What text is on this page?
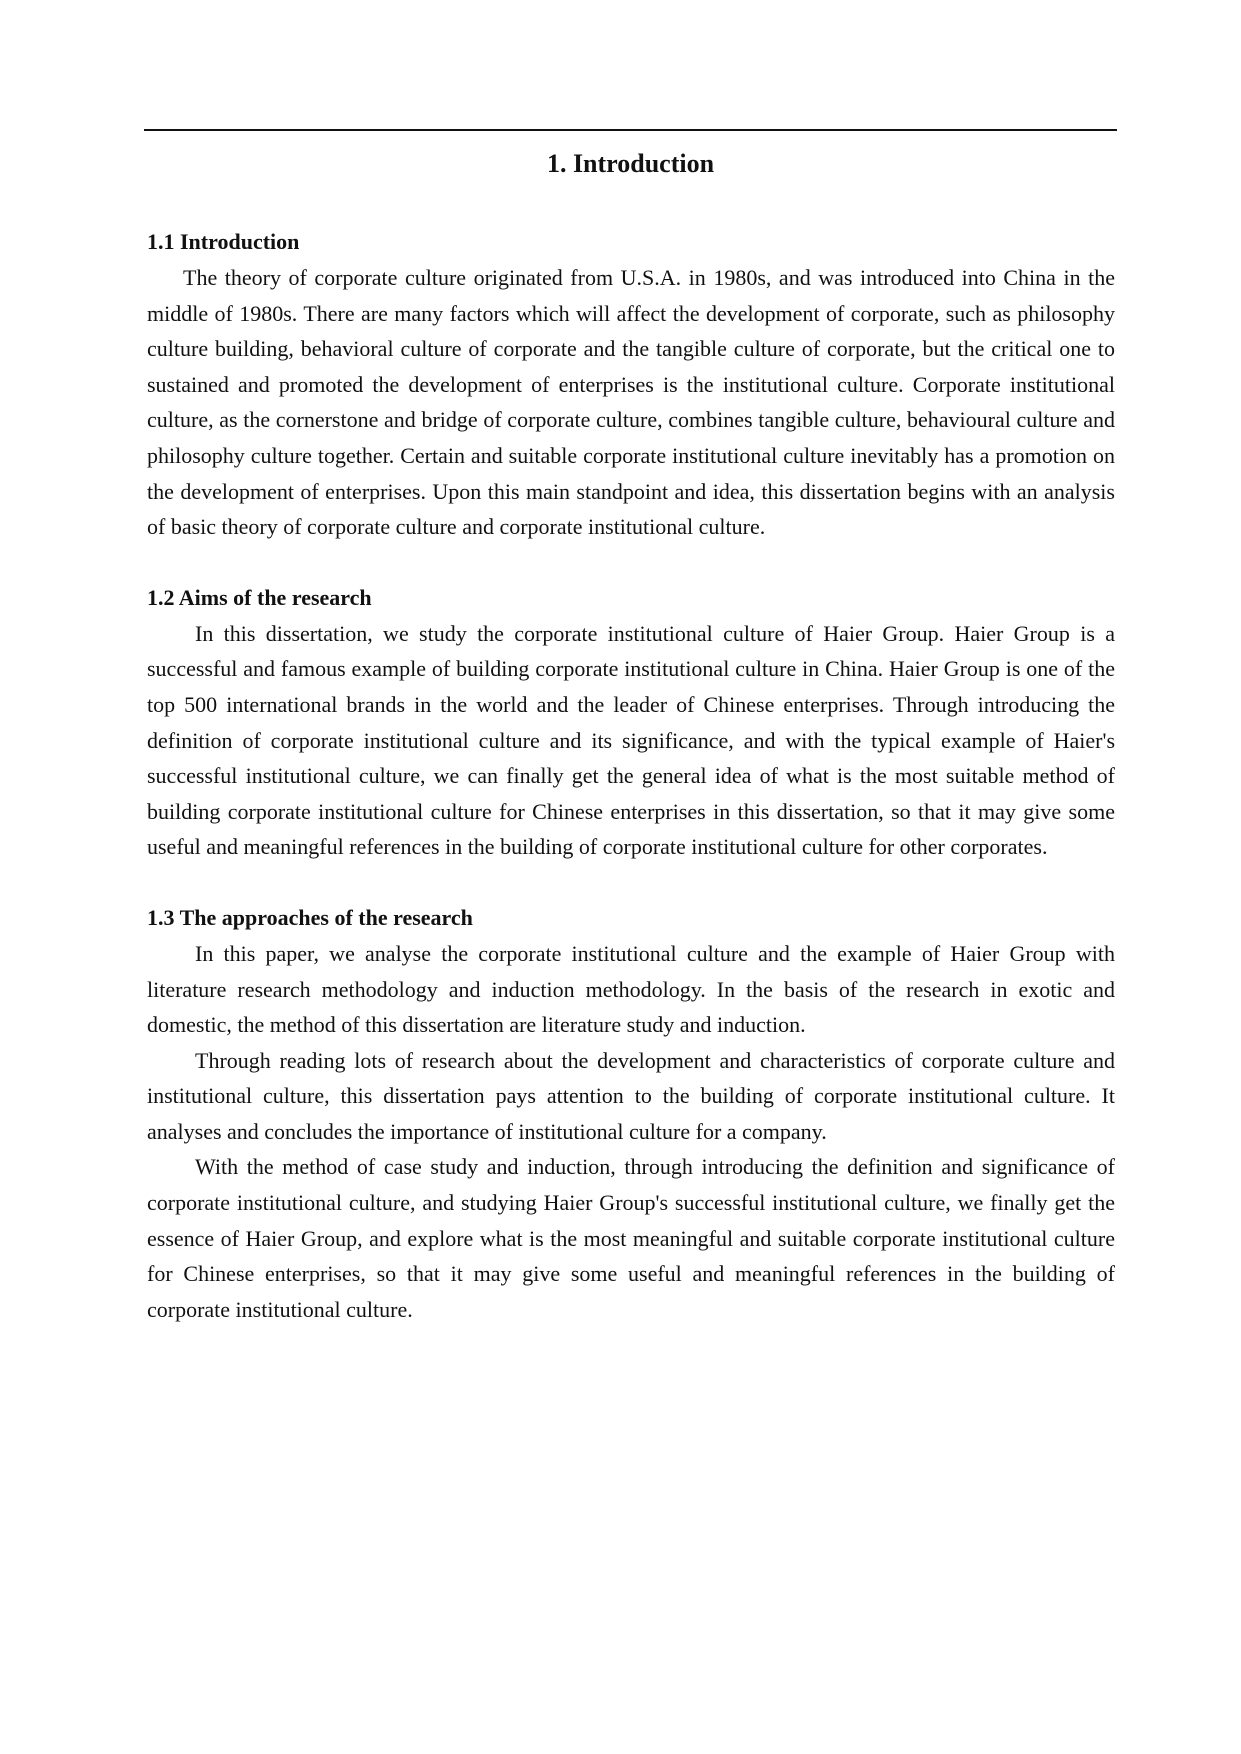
1. Introduction
1.1 Introduction

The theory of corporate culture originated from U.S.A. in 1980s, and was introduced into China in the middle of 1980s. There are many factors which will affect the development of corporate, such as philosophy culture building, behavioral culture of corporate and the tangible culture of corporate, but the critical one to sustained and promoted the development of enterprises is the institutional culture. Corporate institutional culture, as the cornerstone and bridge of corporate culture, combines tangible culture, behavioural culture and philosophy culture together. Certain and suitable corporate institutional culture inevitably has a promotion on the development of enterprises. Upon this main standpoint and idea, this dissertation begins with an analysis of basic theory of corporate culture and corporate institutional culture.

1.2 Aims of the research

In this dissertation, we study the corporate institutional culture of Haier Group. Haier Group is a successful and famous example of building corporate institutional culture in China. Haier Group is one of the top 500 international brands in the world and the leader of Chinese enterprises. Through introducing the definition of corporate institutional culture and its significance, and with the typical example of Haier's successful institutional culture, we can finally get the general idea of what is the most suitable method of building corporate institutional culture for Chinese enterprises in this dissertation, so that it may give some useful and meaningful references in the building of corporate institutional culture for other corporates.

1.3 The approaches of the research

In this paper, we analyse the corporate institutional culture and the example of Haier Group with literature research methodology and induction methodology. In the basis of the research in exotic and domestic, the method of this dissertation are literature study and induction.

Through reading lots of research about the development and characteristics of corporate culture and institutional culture, this dissertation pays attention to the building of corporate institutional culture. It analyses and concludes the importance of institutional culture for a company.

With the method of case study and induction, through introducing the definition and significance of corporate institutional culture, and studying Haier Group's successful institutional culture, we finally get the essence of Haier Group, and explore what is the most meaningful and suitable corporate institutional culture for Chinese enterprises, so that it may give some useful and meaningful references in the building of corporate institutional culture.
